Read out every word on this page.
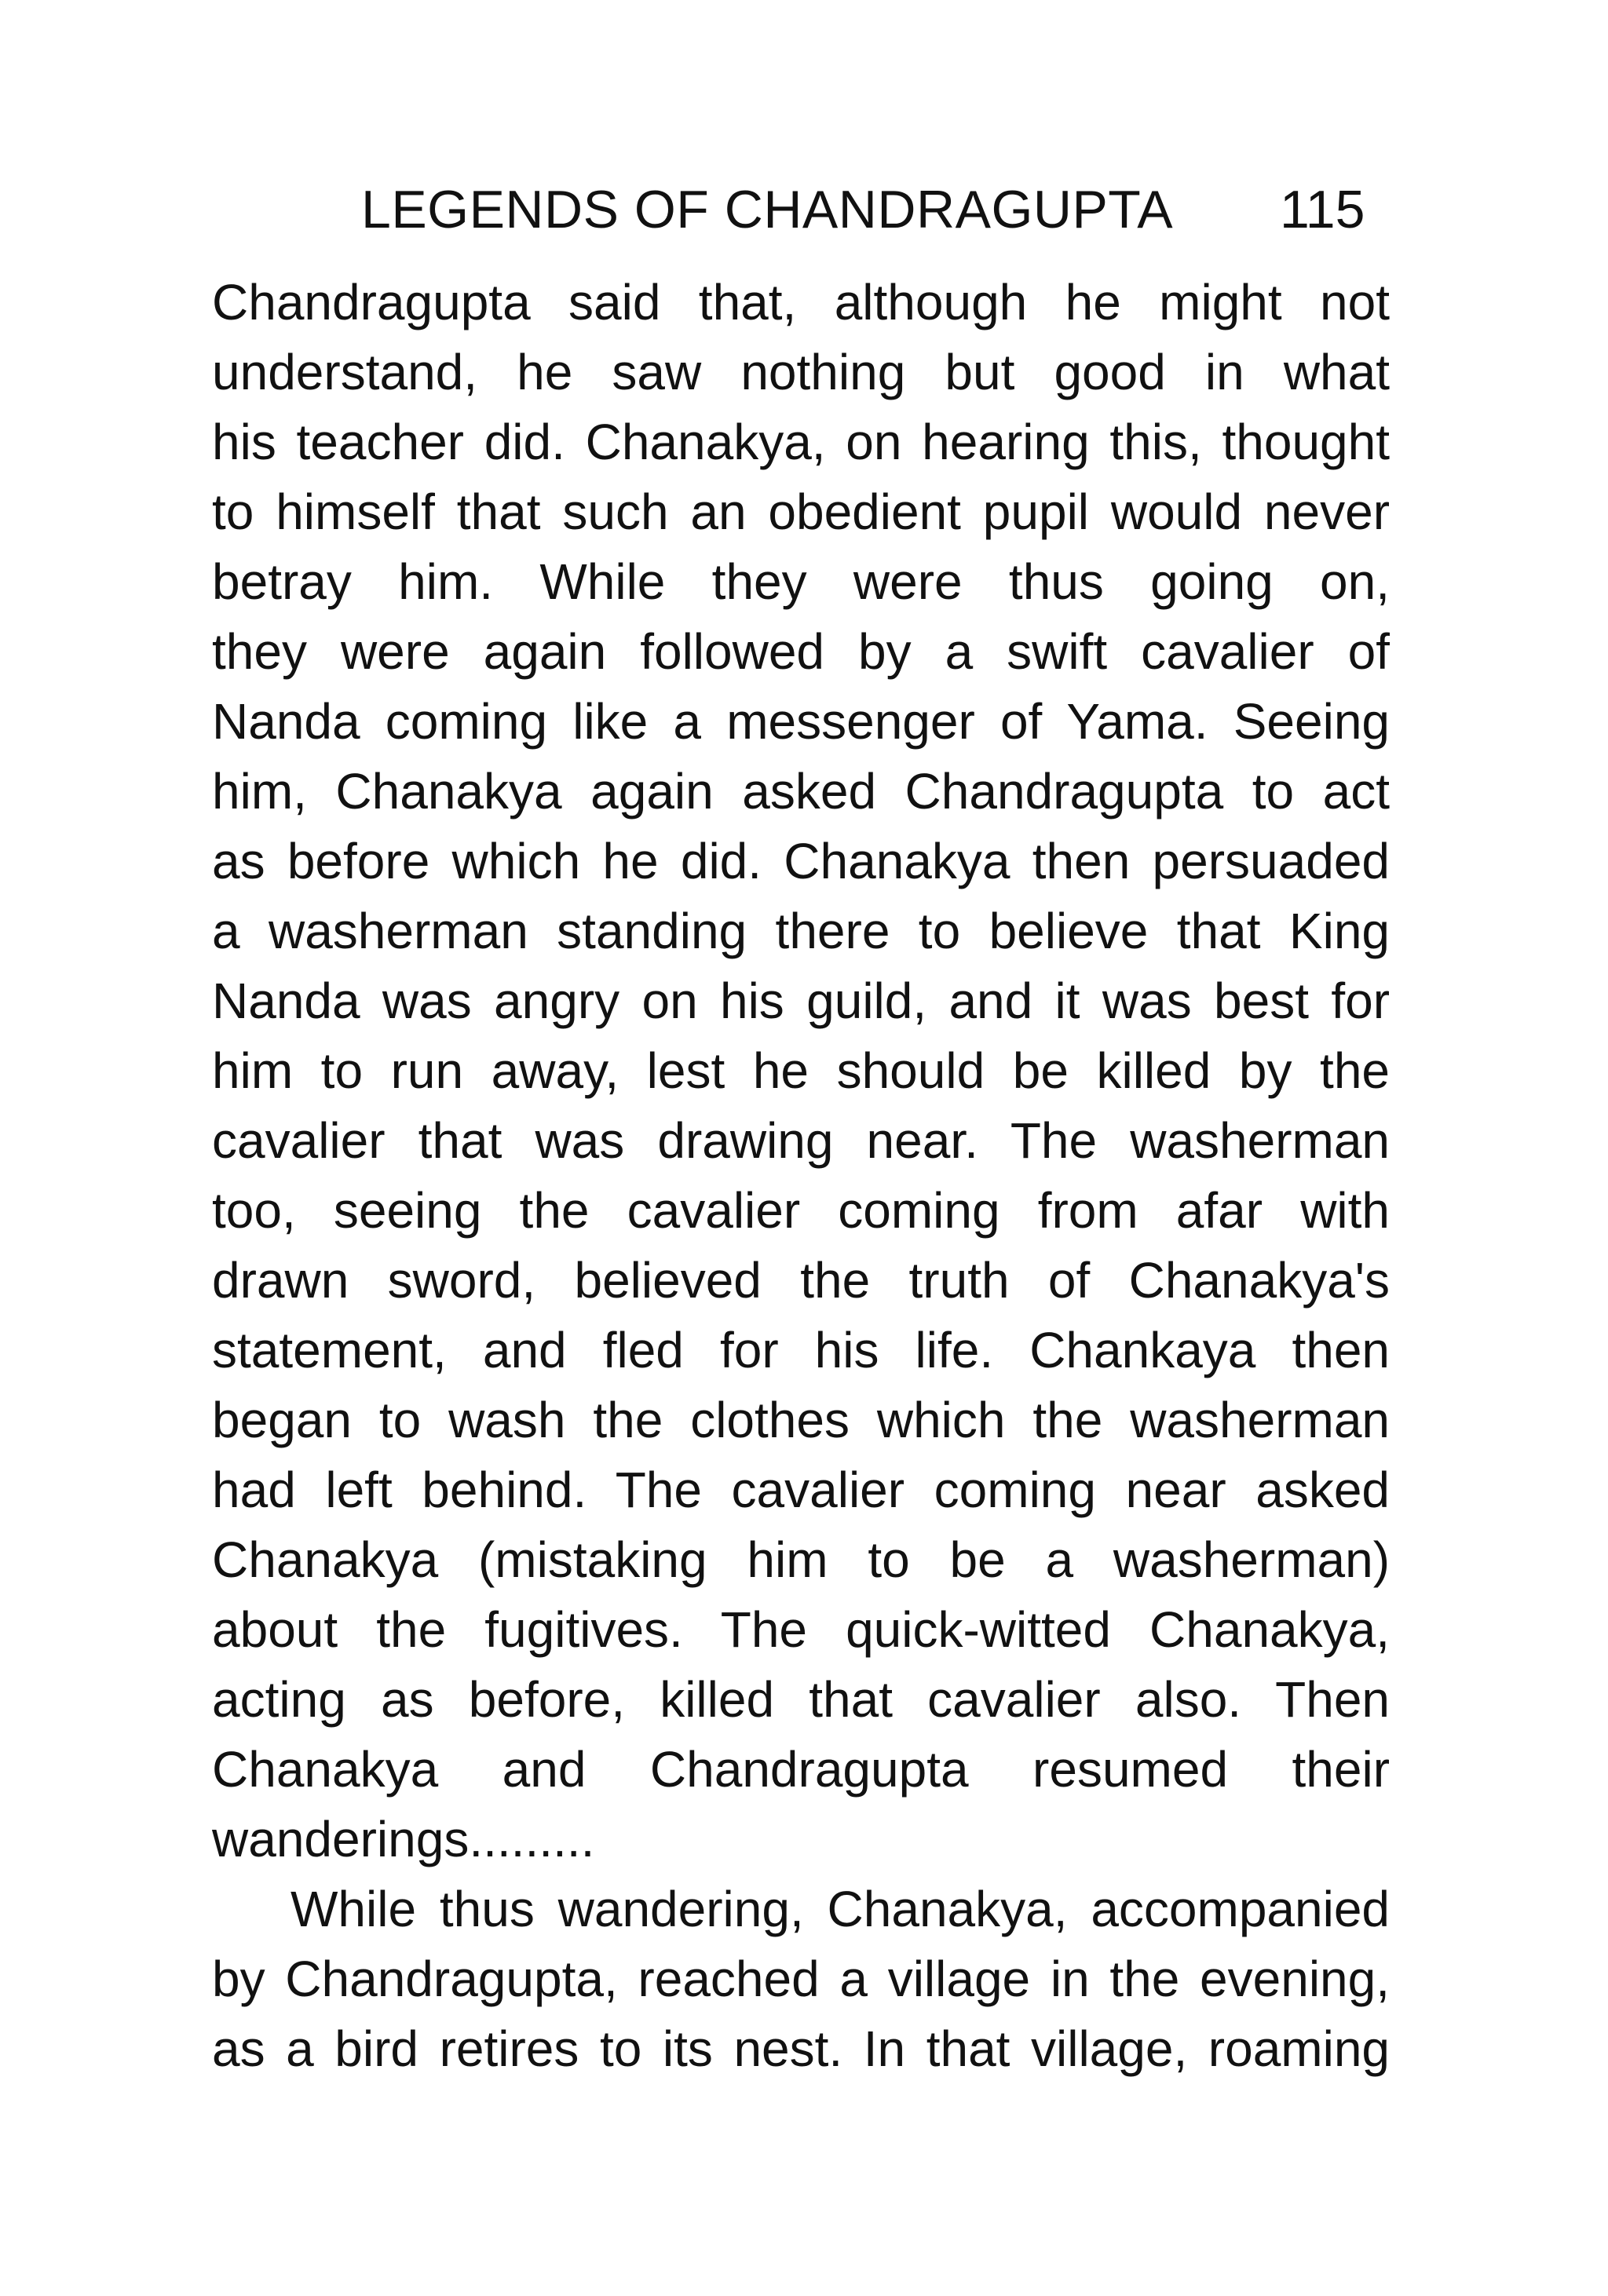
LEGENDS OF CHANDRAGUPTA 115
Chandragupta said that, although he might not
understand, he saw nothing but good in what
his teacher did. Chanakya, on hearing this, thought
to himself that such an obedient pupil would never
betray him. While they were thus going on,
they were again followed by a swift cavalier of
Nanda coming like a messenger of Yama. Seeing
him, Chanakya again asked Chandragupta to act
as before which he did. Chanakya then persuaded
a washerman standing there to believe that King
Nanda was angry on his guild, and it was best for
him to run away, lest he should be killed by the
cavalier that was drawing near. The washerman
too, seeing the cavalier coming from afar with
drawn sword, believed the truth of Chanakya's
statement, and fled for his life. Chankaya then
began to wash the clothes which the washerman
had left behind. The cavalier coming near asked
Chanakya (mistaking him to be a washerman)
about the fugitives. The quick-witted Chanakya,
acting as before, killed that cavalier also. Then
Chanakya and Chandragupta resumed their
wanderings.........
While thus wandering, Chanakya, accompanied
by Chandragupta, reached a village in the evening,
as a bird retires to its nest. In that village, roaming
